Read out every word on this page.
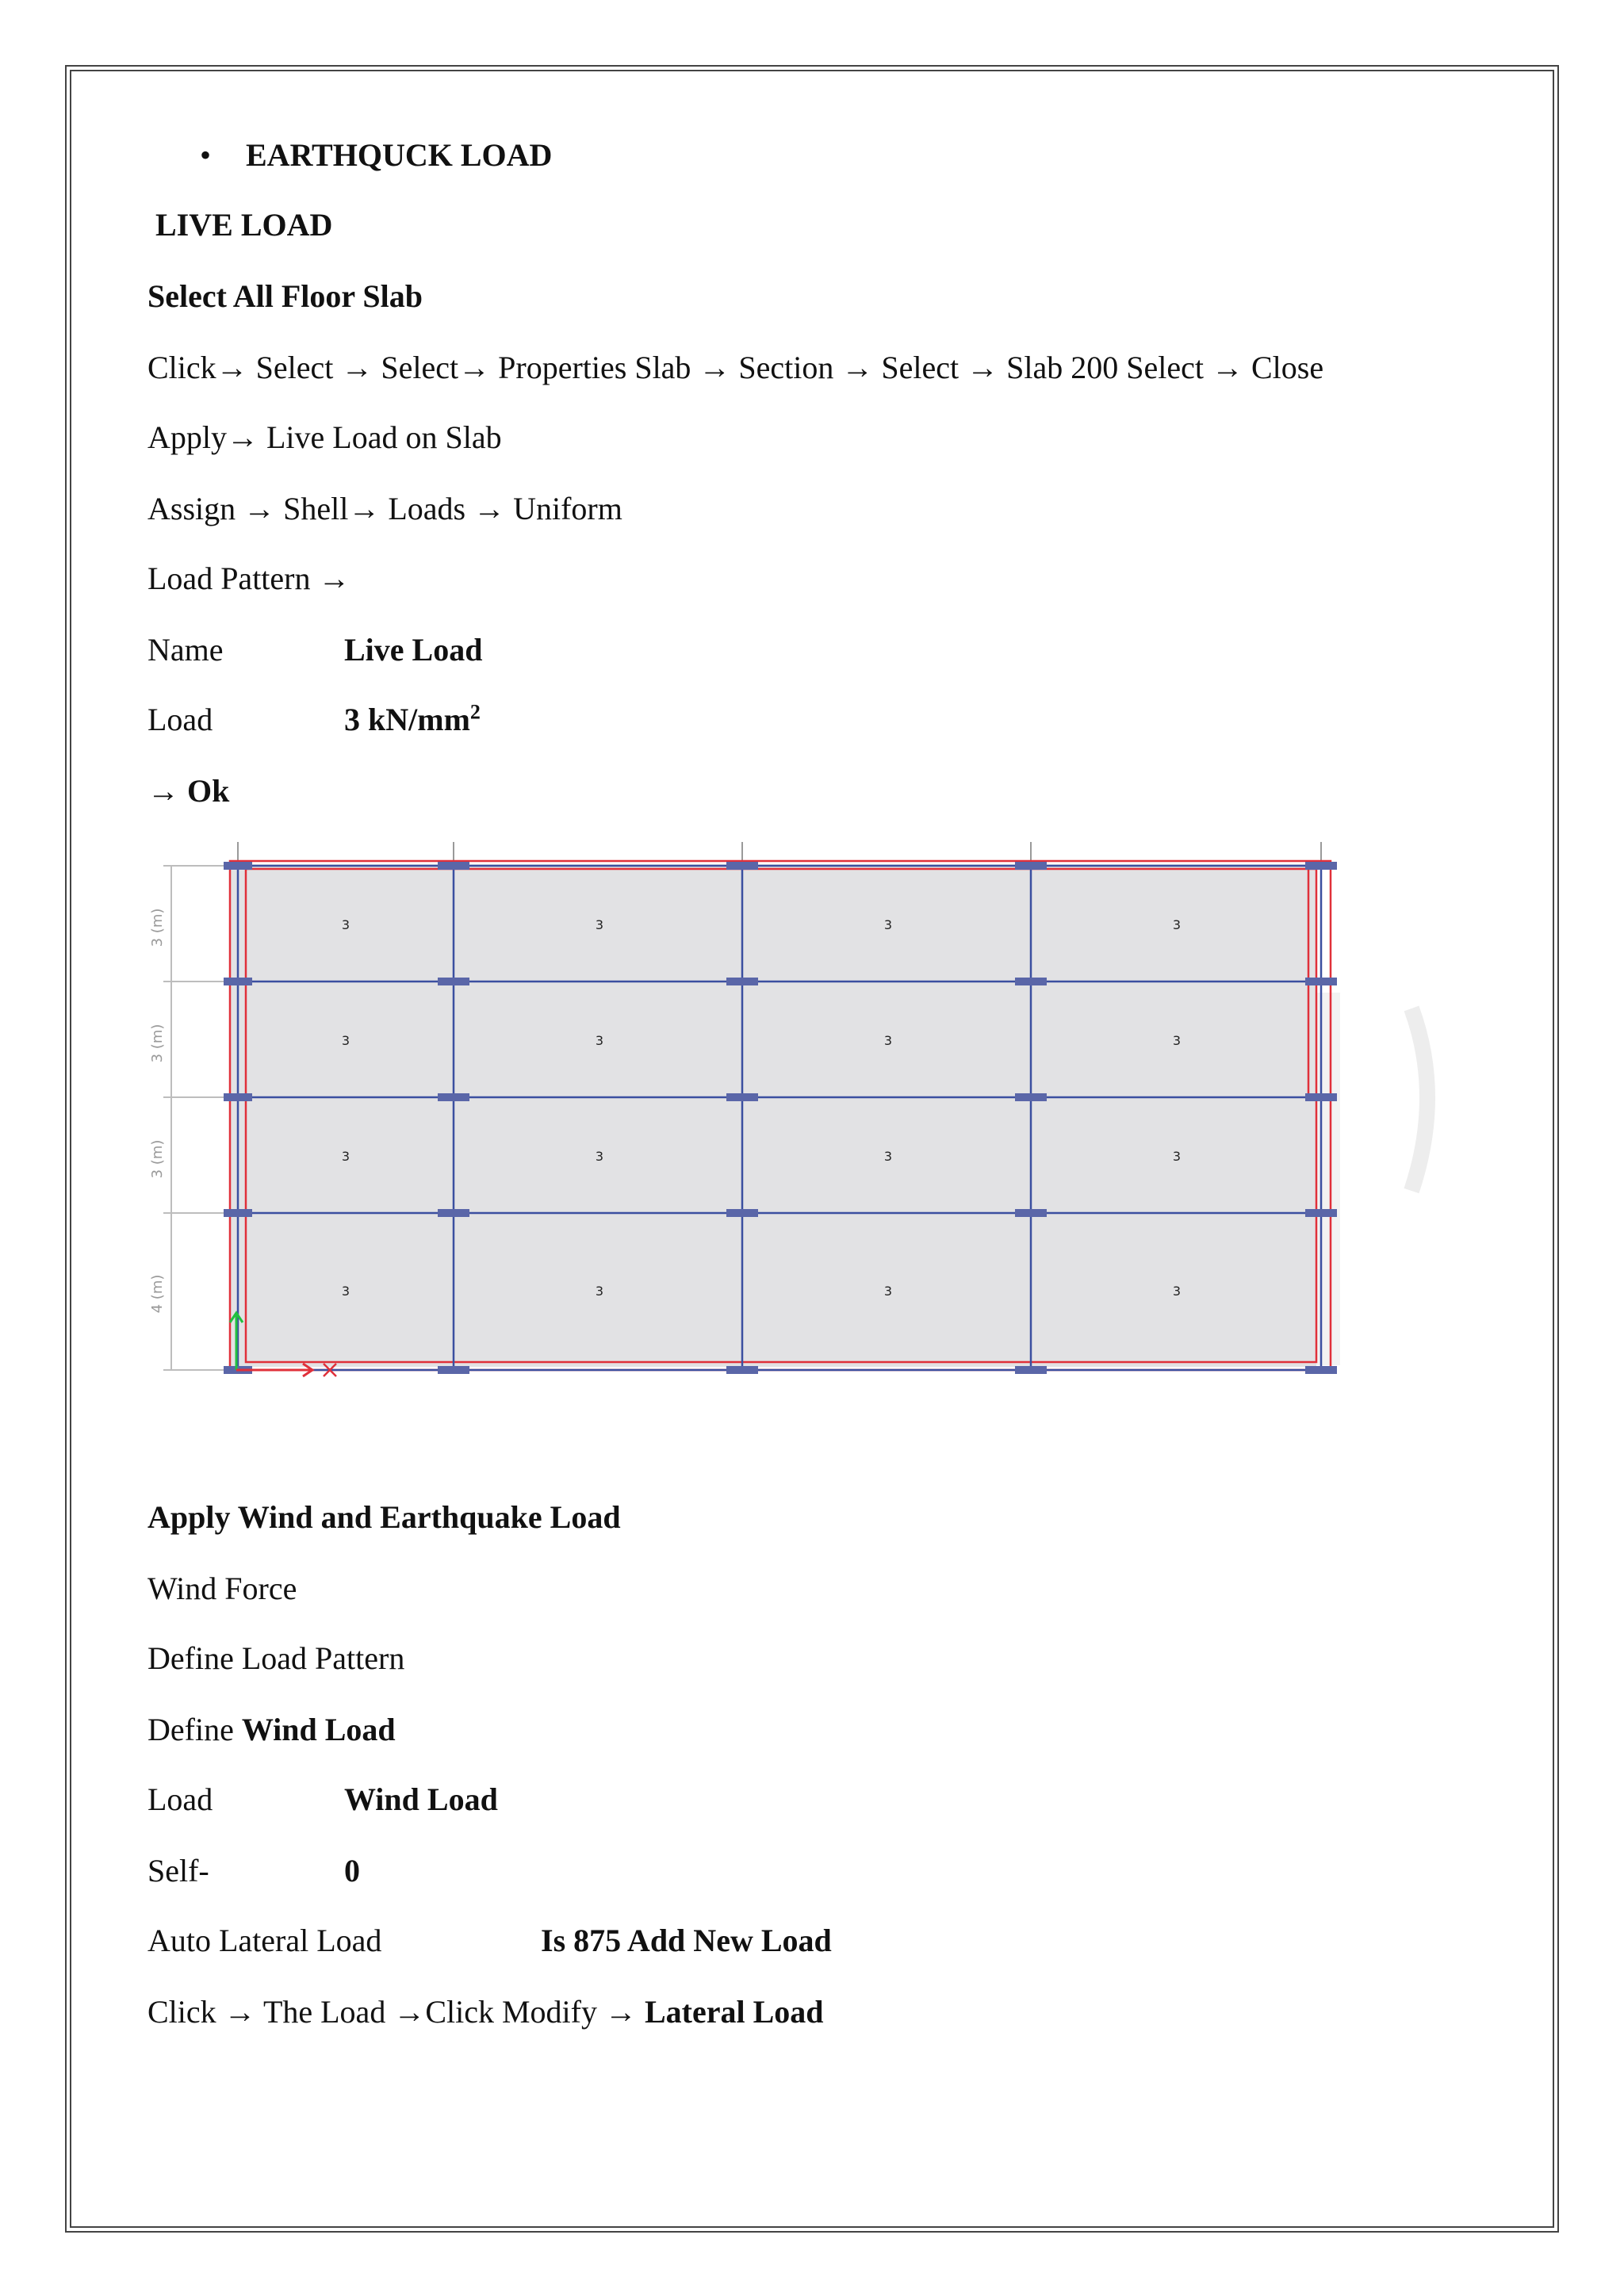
• EARTHQUCK LOAD
LIVE LOAD
Select All Floor Slab
Click→ Select → Select→ Properties Slab → Section → Select → Slab 200 Select → Close
Apply→ Live Load on Slab
Assign → Shell→ Loads → Uniform
Load Pattern →
Name	Live Load
Load	3 $kN/mm^2$
→ Ok
3 (m)
3 (m)
3 (m)
4 (m)
3	3	3	3
3	3	3	3
3	3	3	3
3	3	3	3
Apply Wind and Earthquake Load
Wind Force
Define Load Pattern
Define Wind Load
Load	Wind Load
Self-	0
Auto Lateral Load	Is 875 Add New Load
Click → The Load →Click Modify → Lateral Load
